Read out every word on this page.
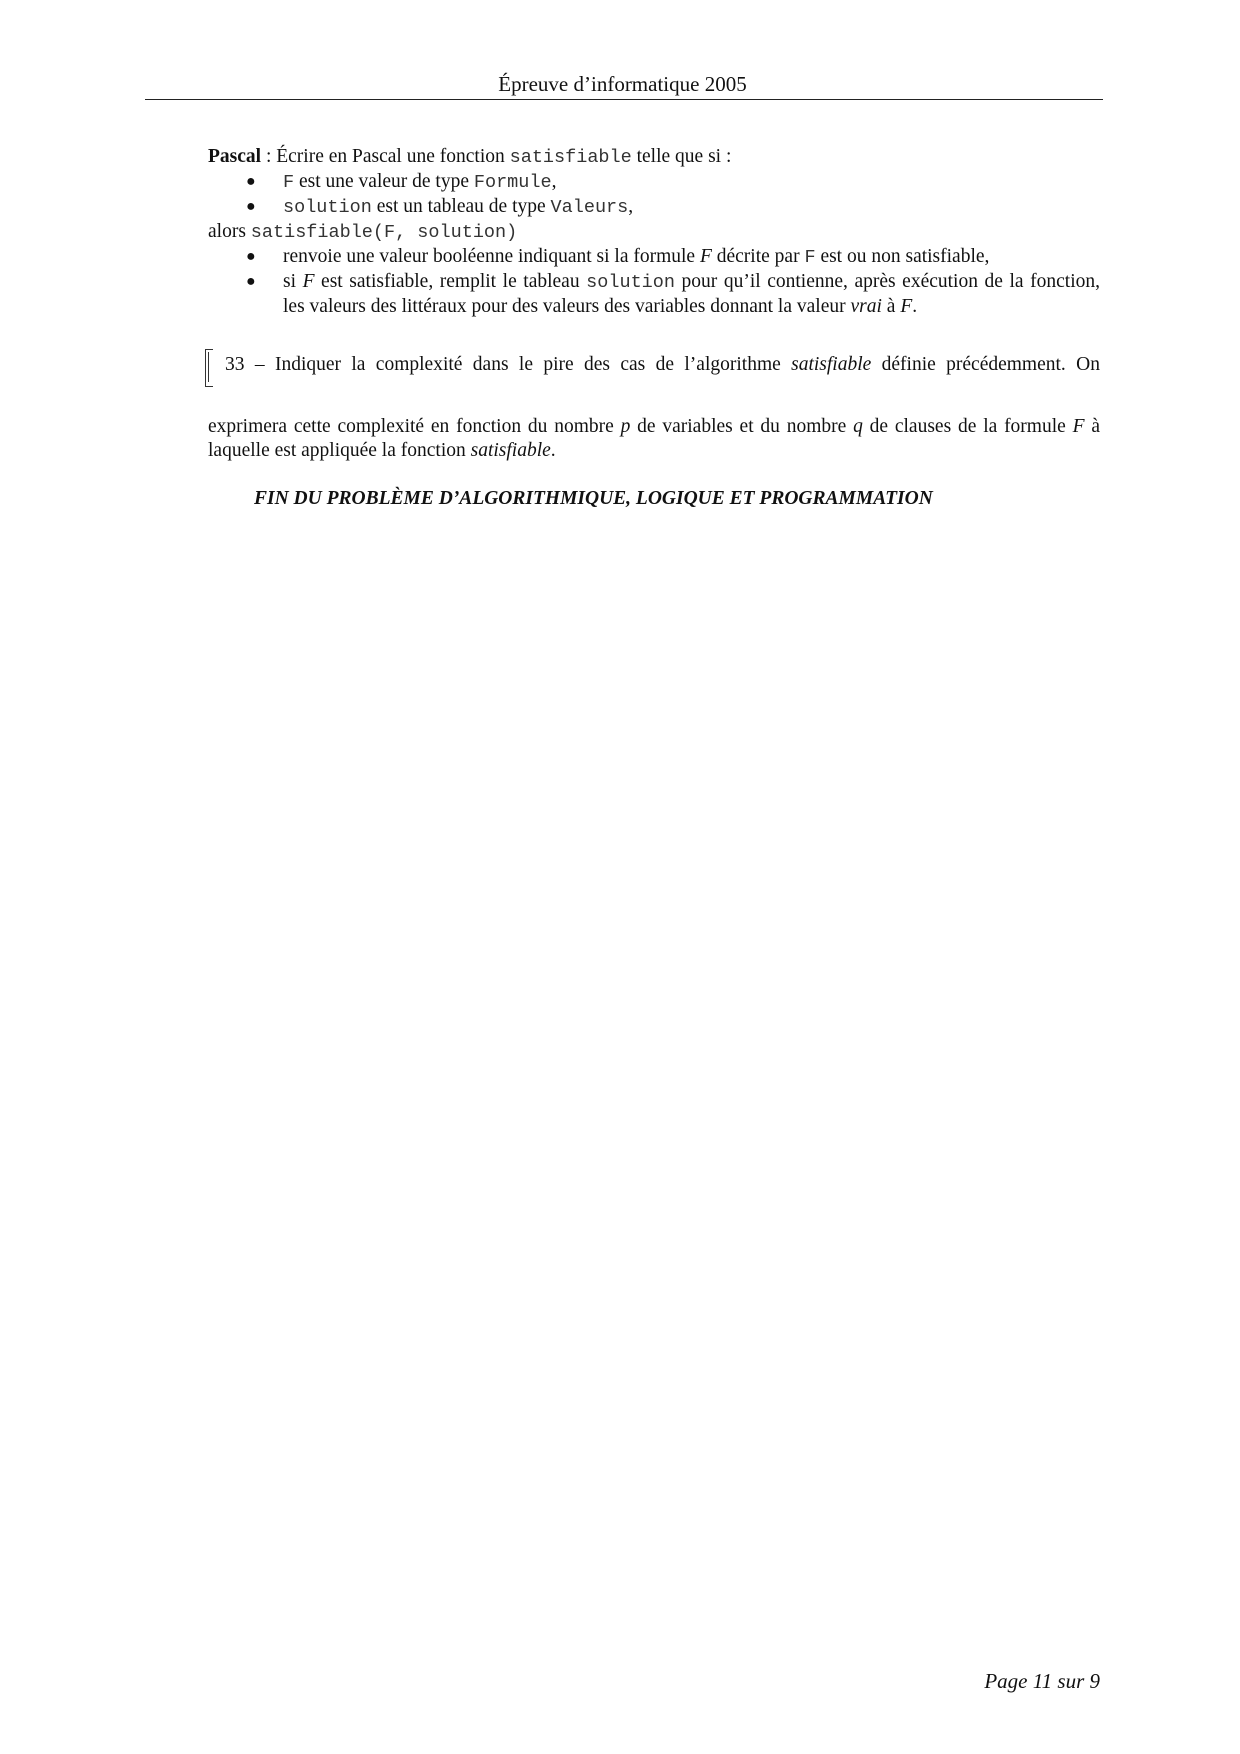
Épreuve d’informatique 2005

Pascal : Écrire en Pascal une fonction satisfiable telle que si :

● F est une valeur de type Formule,
● solution est un tableau de type Valeurs,

alors satisfiable(F, solution)

● renvoie une valeur booléenne indiquant si la formule F décrite par F est ou non satisfiable,
● si F est satisfiable, remplit le tableau solution pour qu’il contienne, après exécution de la fonction, les valeurs des littéraux pour des valeurs des variables donnant la valeur vrai à F.
33 – Indiquer la complexité dans le pire des cas de l’algorithme satisfiable définie précédemment. On

exprimera cette complexité en fonction du nombre p de variables et du nombre q de clauses de la formule F à laquelle est appliquée la fonction satisfiable.

FIN DU PROBLÈME D’ALGORITHMIQUE, LOGIQUE ET PROGRAMMATION

Page 11 sur 9
